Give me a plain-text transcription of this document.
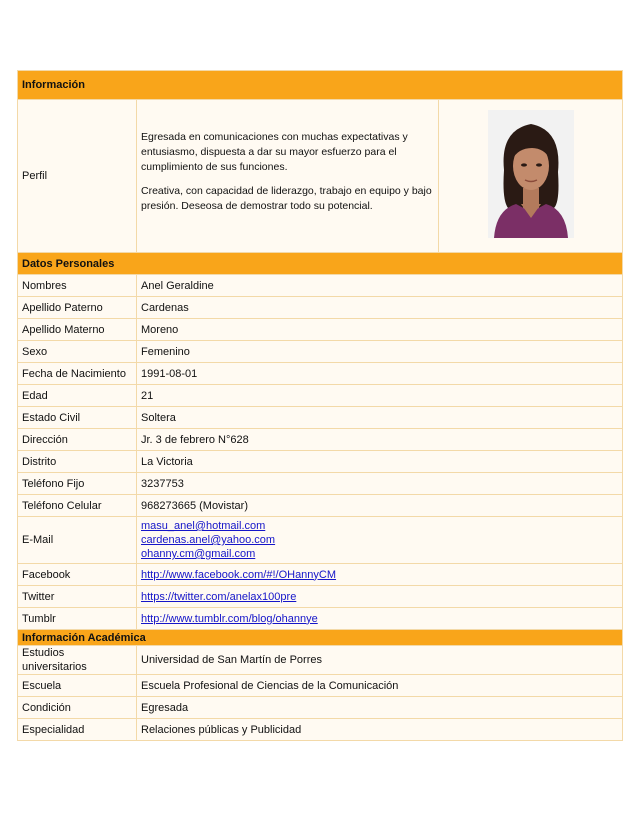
Información		
Perfil	Egresada en comunicaciones con muchas expectativas y entusiasmo, dispuesta a dar su mayor esfuerzo para el cumplimiento de sus funciones.

Creativa, con capacidad de liderazgo, trabajo en equipo y bajo presión. Deseosa de demostrar todo su potencial.

Datos Personales		
Nombres	Anel Geraldine	
Apellido Paterno	Cardenas	
Apellido Materno	Moreno	
Sexo	Femenino	
Fecha de Nacimiento	1991-08-01	
Edad	21	
Estado Civil	Soltera	
Dirección	Jr. 3 de febrero N°628	
Distrito	La Victoria	
Teléfono Fijo	3237753	
Teléfono Celular	968273665 (Movistar)	
E-Mail	masu_anel@hotmail.com
cardenas.anel@yahoo.com
ohanny.cm@gmail.com	

Facebook	http://www.facebook.com/#!/OHannyCM	
Twitter	https://twitter.com/anelax100pre	
Tumblr	http://www.tumblr.com/blog/ohannye	
Información Académica		
Estudios universitarios	Universidad de San Martín de Porres	
Escuela	Escuela Profesional de Ciencias de la Comunicación	
Condición	Egresada	
Especialidad	Relaciones públicas y Publicidad	
